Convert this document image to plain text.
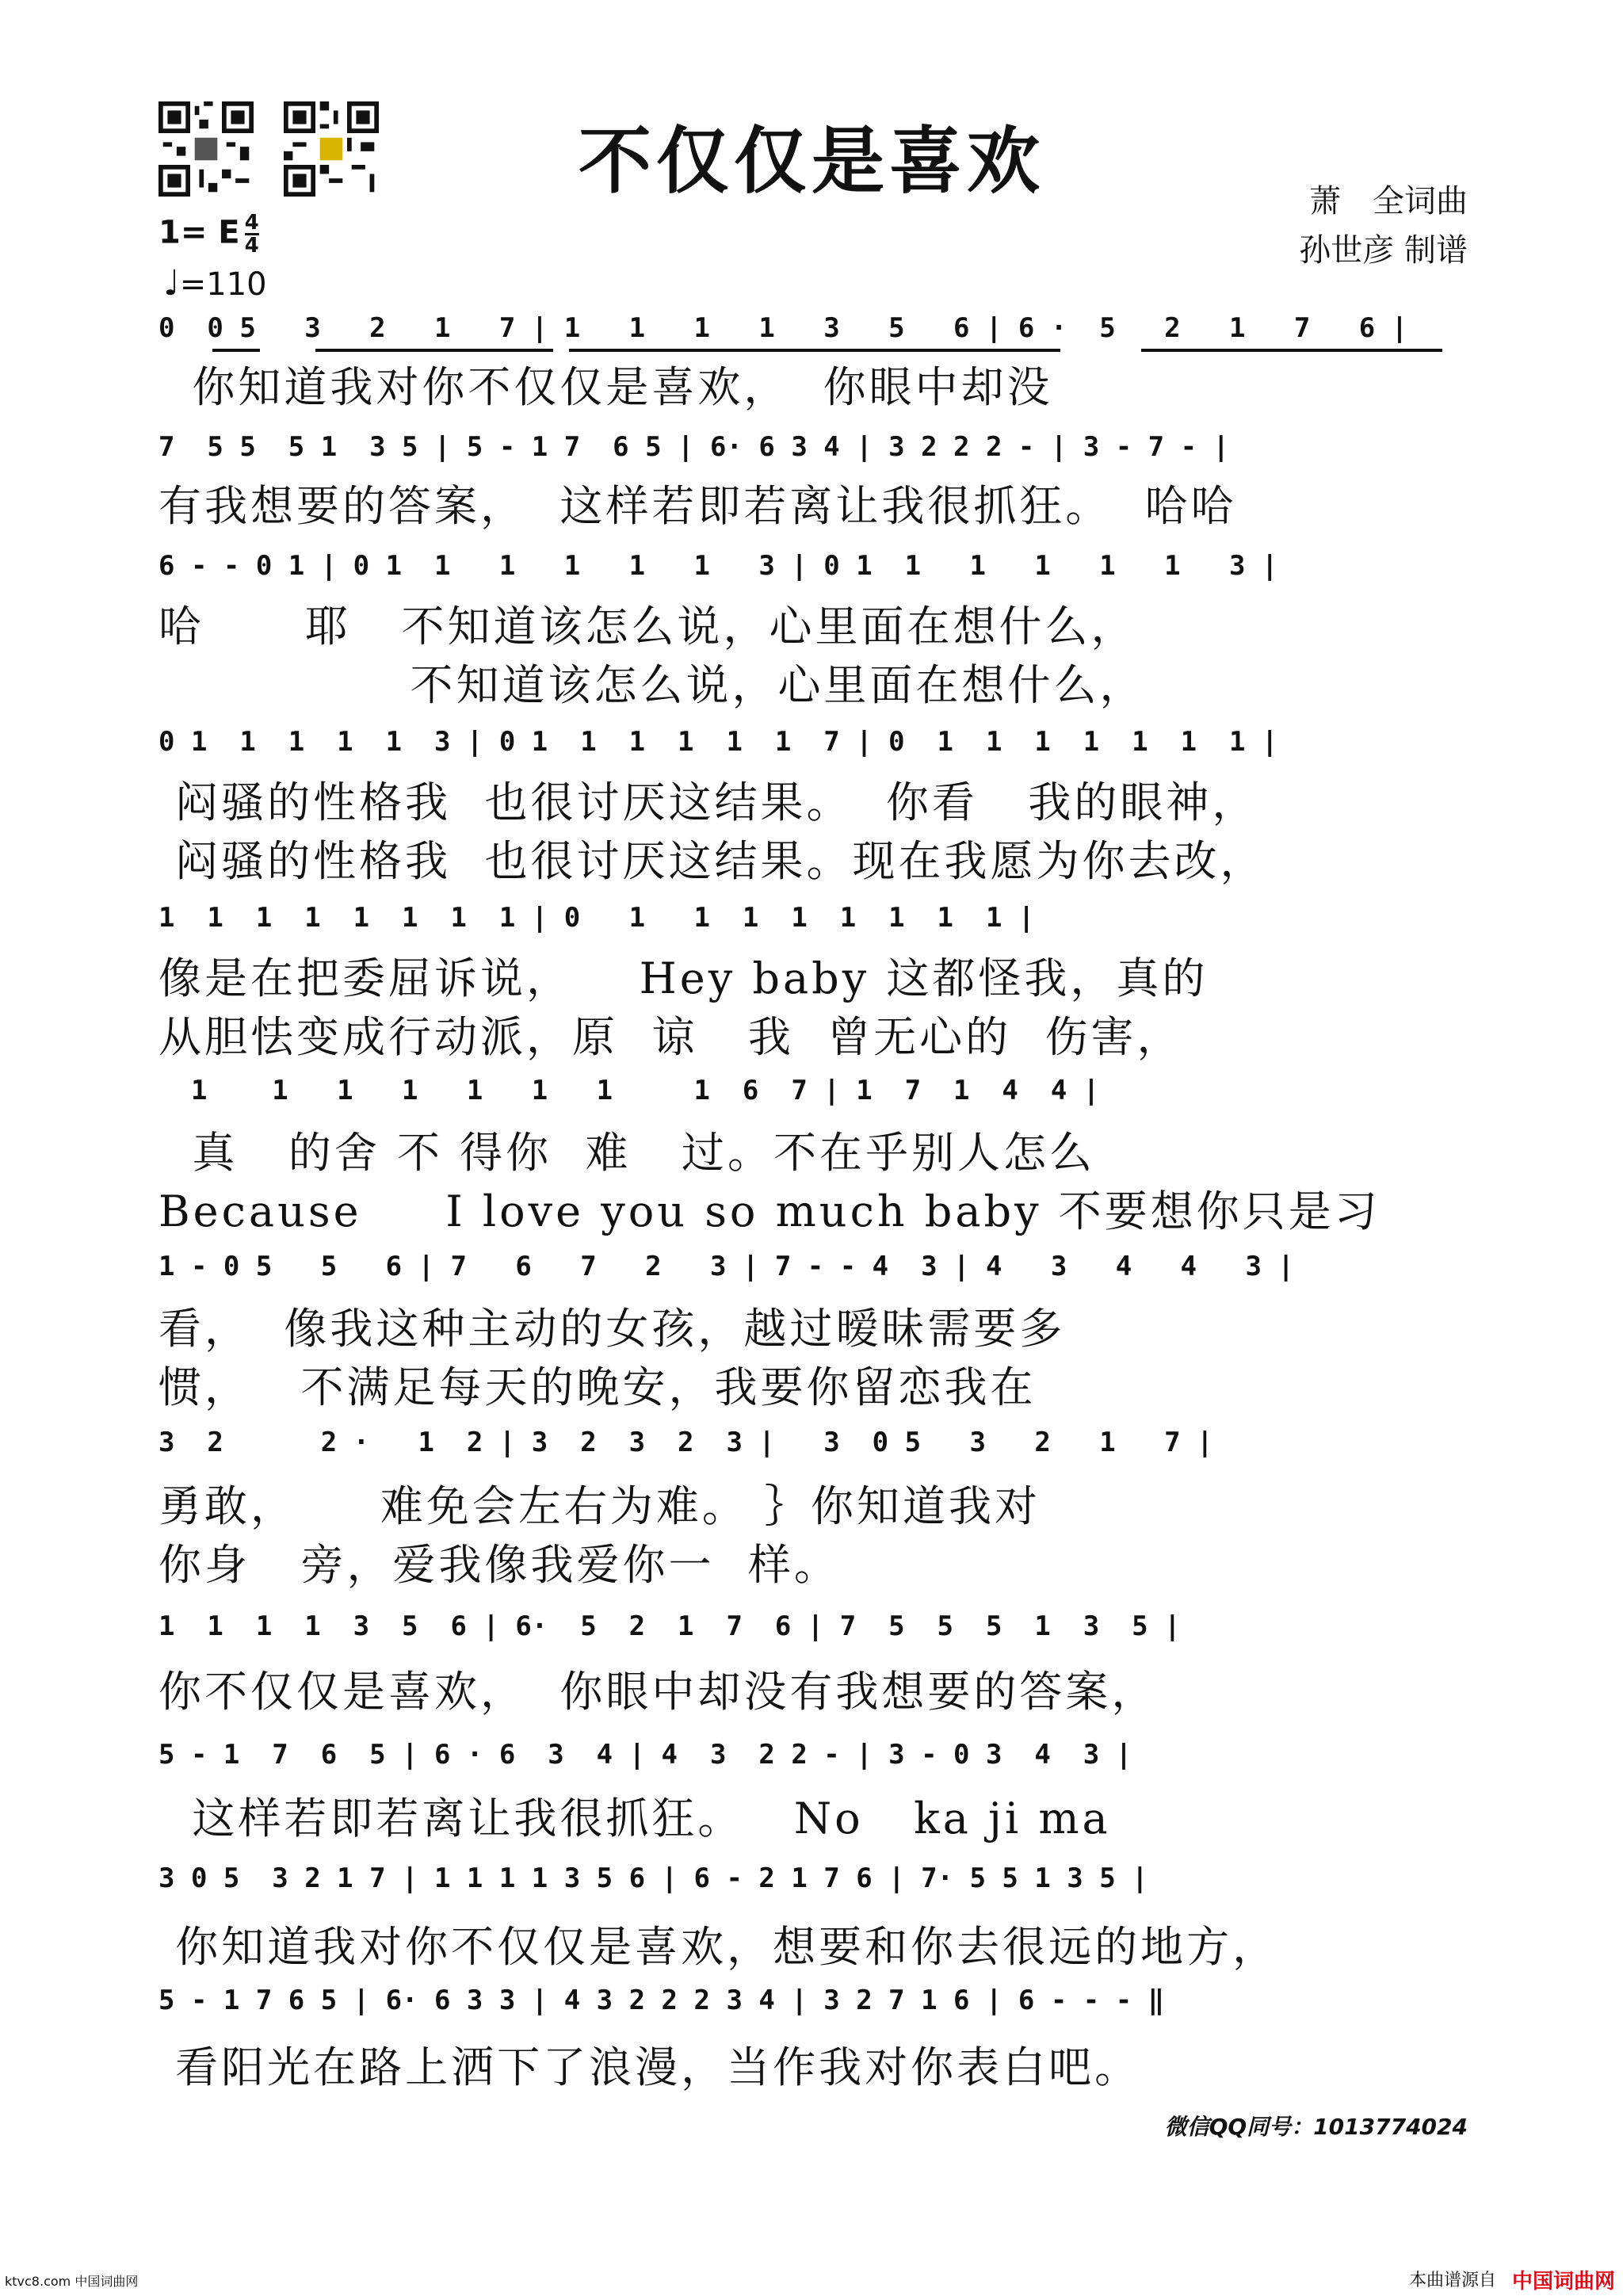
不仅仅是喜欢	萧　全词曲
孙世彦 制谱
1= E $\frac{4}{4}$
♩=110
0  0 5   3   2   1   7 | 1   1   1   1   3   5   6 | 6 ·  5   2   1   7   6 |
你知道我对你不仅仅是喜欢，  你眼中却没
7  5 5  5 1  3 5 | 5 - 1 7  6 5 | 6· 6 3 4 | 3 2 2 2 - | 3 - 7 - |
有我想要的答案，  这样若即若离让我很抓狂。  哈哈
6 - - 0 1 | 0 1  1   1   1   1   1   3 | 0 1  1   1   1   1   1   3 |
哈      耶   不知道该怎么说，心里面在想什么，
不知道该怎么说，心里面在想什么，
0 1  1  1  1  1  3 | 0 1  1  1  1  1  1  7 | 0  1  1  1  1  1  1  1 |
闷骚的性格我  也很讨厌这结果。  你看   我的眼神，
闷骚的性格我  也很讨厌这结果。现在我愿为你去改，
1  1  1  1  1  1  1  1 | 0   1   1  1  1  1  1  1  1 |
像是在把委屈诉说，    Hey baby 这都怪我，真的
从胆怯变成行动派，原  谅   我  曾无心的  伤害，
1    1   1   1   1   1   1     1  6  7 | 1  7  1  4  4 |
真   的舍 不 得你  难   过。不在乎别人怎么
Because     I love you so much baby 不要想你只是习
1 - 0 5   5   6 | 7   6   7   2   3 | 7 - - 4  3 | 4   3   4   4   3 |
看，  像我这种主动的女孩，越过暧昧需要多
惯，   不满足每天的晚安，我要你留恋我在
3  2      2 ·   1  2 | 3  2  3  2  3 |   3  0 5   3   2   1   7 |
勇敢，     难免会左右为难。 ｝你知道我对
你身   旁，爱我像我爱你一  样。
1  1  1  1  3  5  6 | 6·  5  2  1  7  6 | 7  5  5  5  1  3  5 |
你不仅仅是喜欢，  你眼中却没有我想要的答案，
5 - 1  7  6  5 | 6 · 6  3  4 | 4  3  2 2 - | 3 - 0 3  4  3 |
这样若即若离让我很抓狂。   No   ka ji ma
3 0 5  3 2 1 7 | 1 1 1 1 3 5 6 | 6 - 2 1 7 6 | 7· 5 5 1 3 5 |
你知道我对你不仅仅是喜欢，想要和你去很远的地方，
5 - 1 7 6 5 | 6· 6 3 3 | 4 3 2 2 2 3 4 | 3 2 7 1 6 | 6 - - - ‖
看阳光在路上洒下了浪漫，当作我对你表白吧。
微信QQ同号：1013774024
ktvc8.com 中国词曲网	本曲谱源自 中国词曲网
